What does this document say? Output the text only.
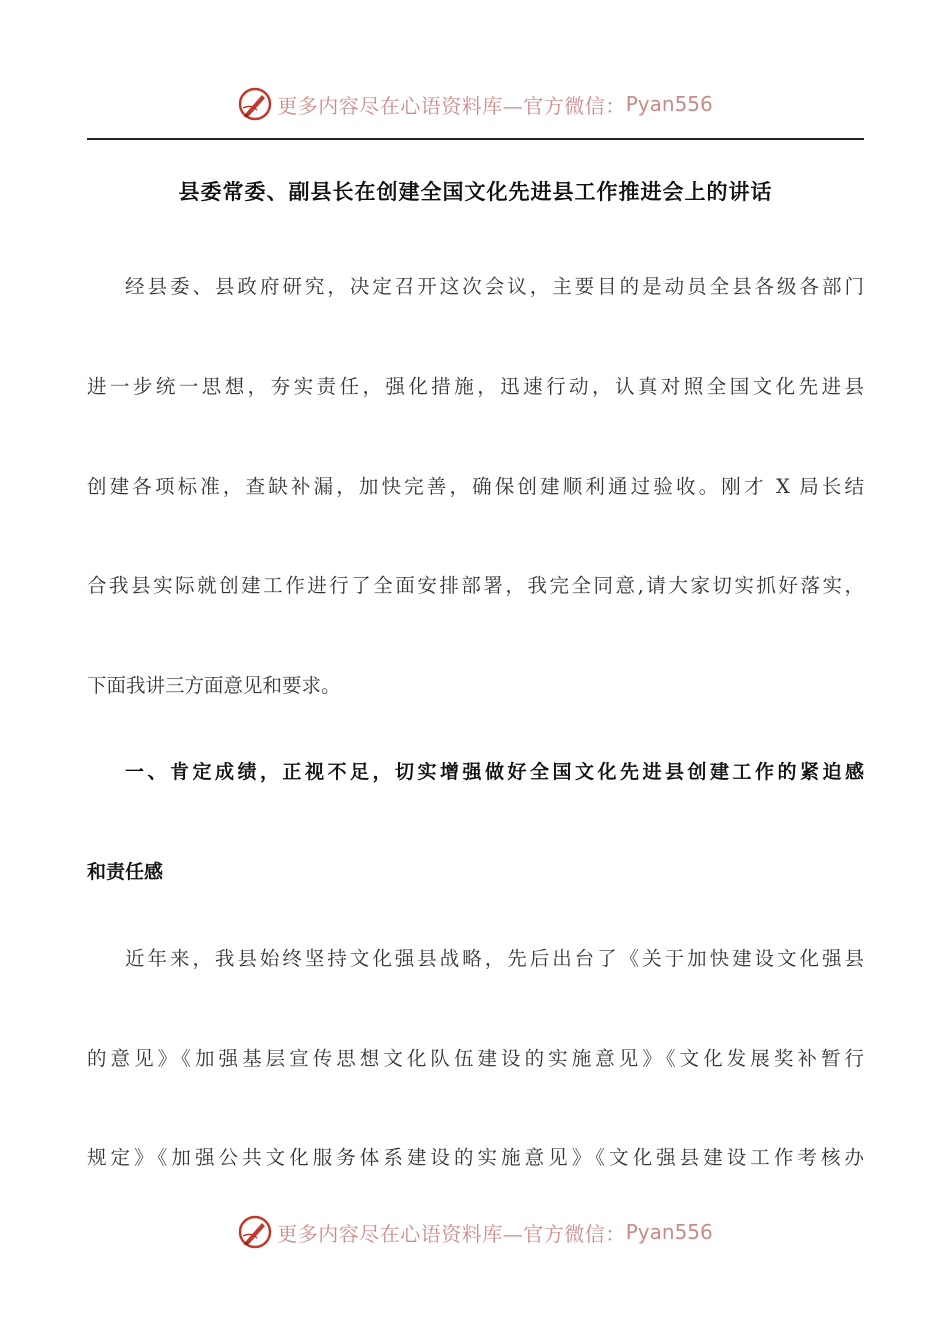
更多内容尽在心语资料库—官方微信： Pyan556
县委常委、副县长在创建全国文化先进县工作推进会上的讲话
经县委、县政府研究，决定召开这次会议，主要目的是动员全县各级各部门
进一步统一思想，夯实责任，强化措施，迅速行动，认真对照全国文化先进县
创建各项标准，查缺补漏，加快完善，确保创建顺利通过验收。刚才 X 局长结
合我县实际就创建工作进行了全面安排部署，我完全同意,请大家切实抓好落实，
下面我讲三方面意见和要求。
一、肯定成绩，正视不足，切实增强做好全国文化先进县创建工作的紧迫感
和责任感
近年来，我县始终坚持文化强县战略，先后出台了《关于加快建设文化强县
的意见》《加强基层宣传思想文化队伍建设的实施意见》《文化发展奖补暂行
规定》《加强公共文化服务体系建设的实施意见》《文化强县建设工作考核办
更多内容尽在心语资料库—官方微信： Pyan556
